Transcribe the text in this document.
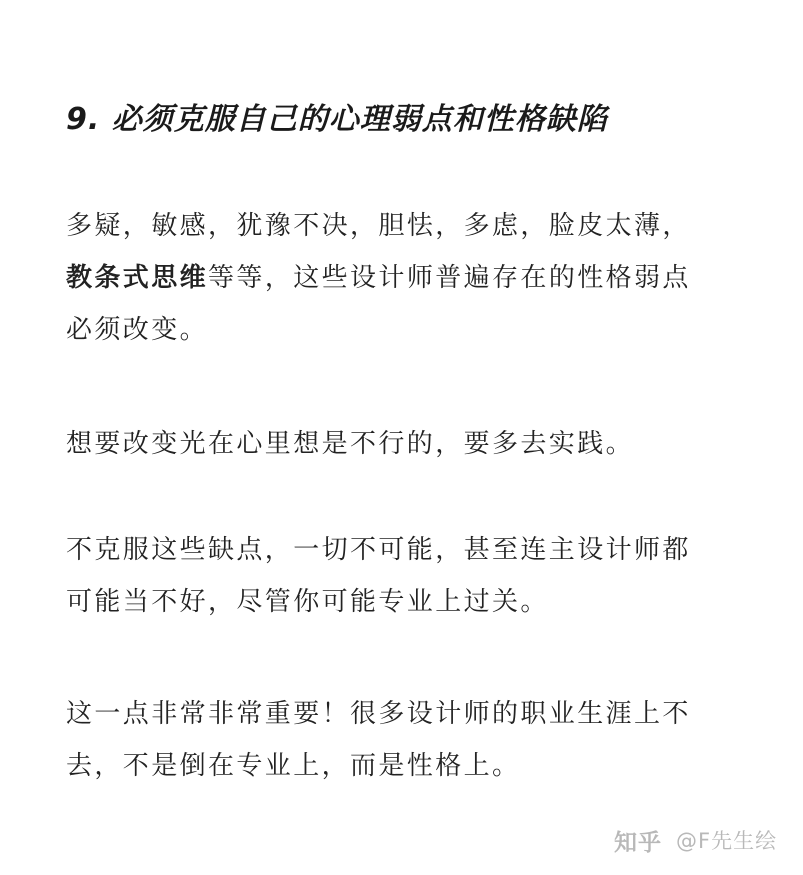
9. 必须克服自己的心理弱点和性格缺陷
多疑，敏感，犹豫不决，胆怯，多虑，脸皮太薄，
教条式思维等等，这些设计师普遍存在的性格弱点
必须改变。
想要改变光在心里想是不行的，要多去实践。
不克服这些缺点，一切不可能，甚至连主设计师都
可能当不好，尽管你可能专业上过关。
这一点非常非常重要！很多设计师的职业生涯上不
去，不是倒在专业上，而是性格上。
知乎 @F先生绘
